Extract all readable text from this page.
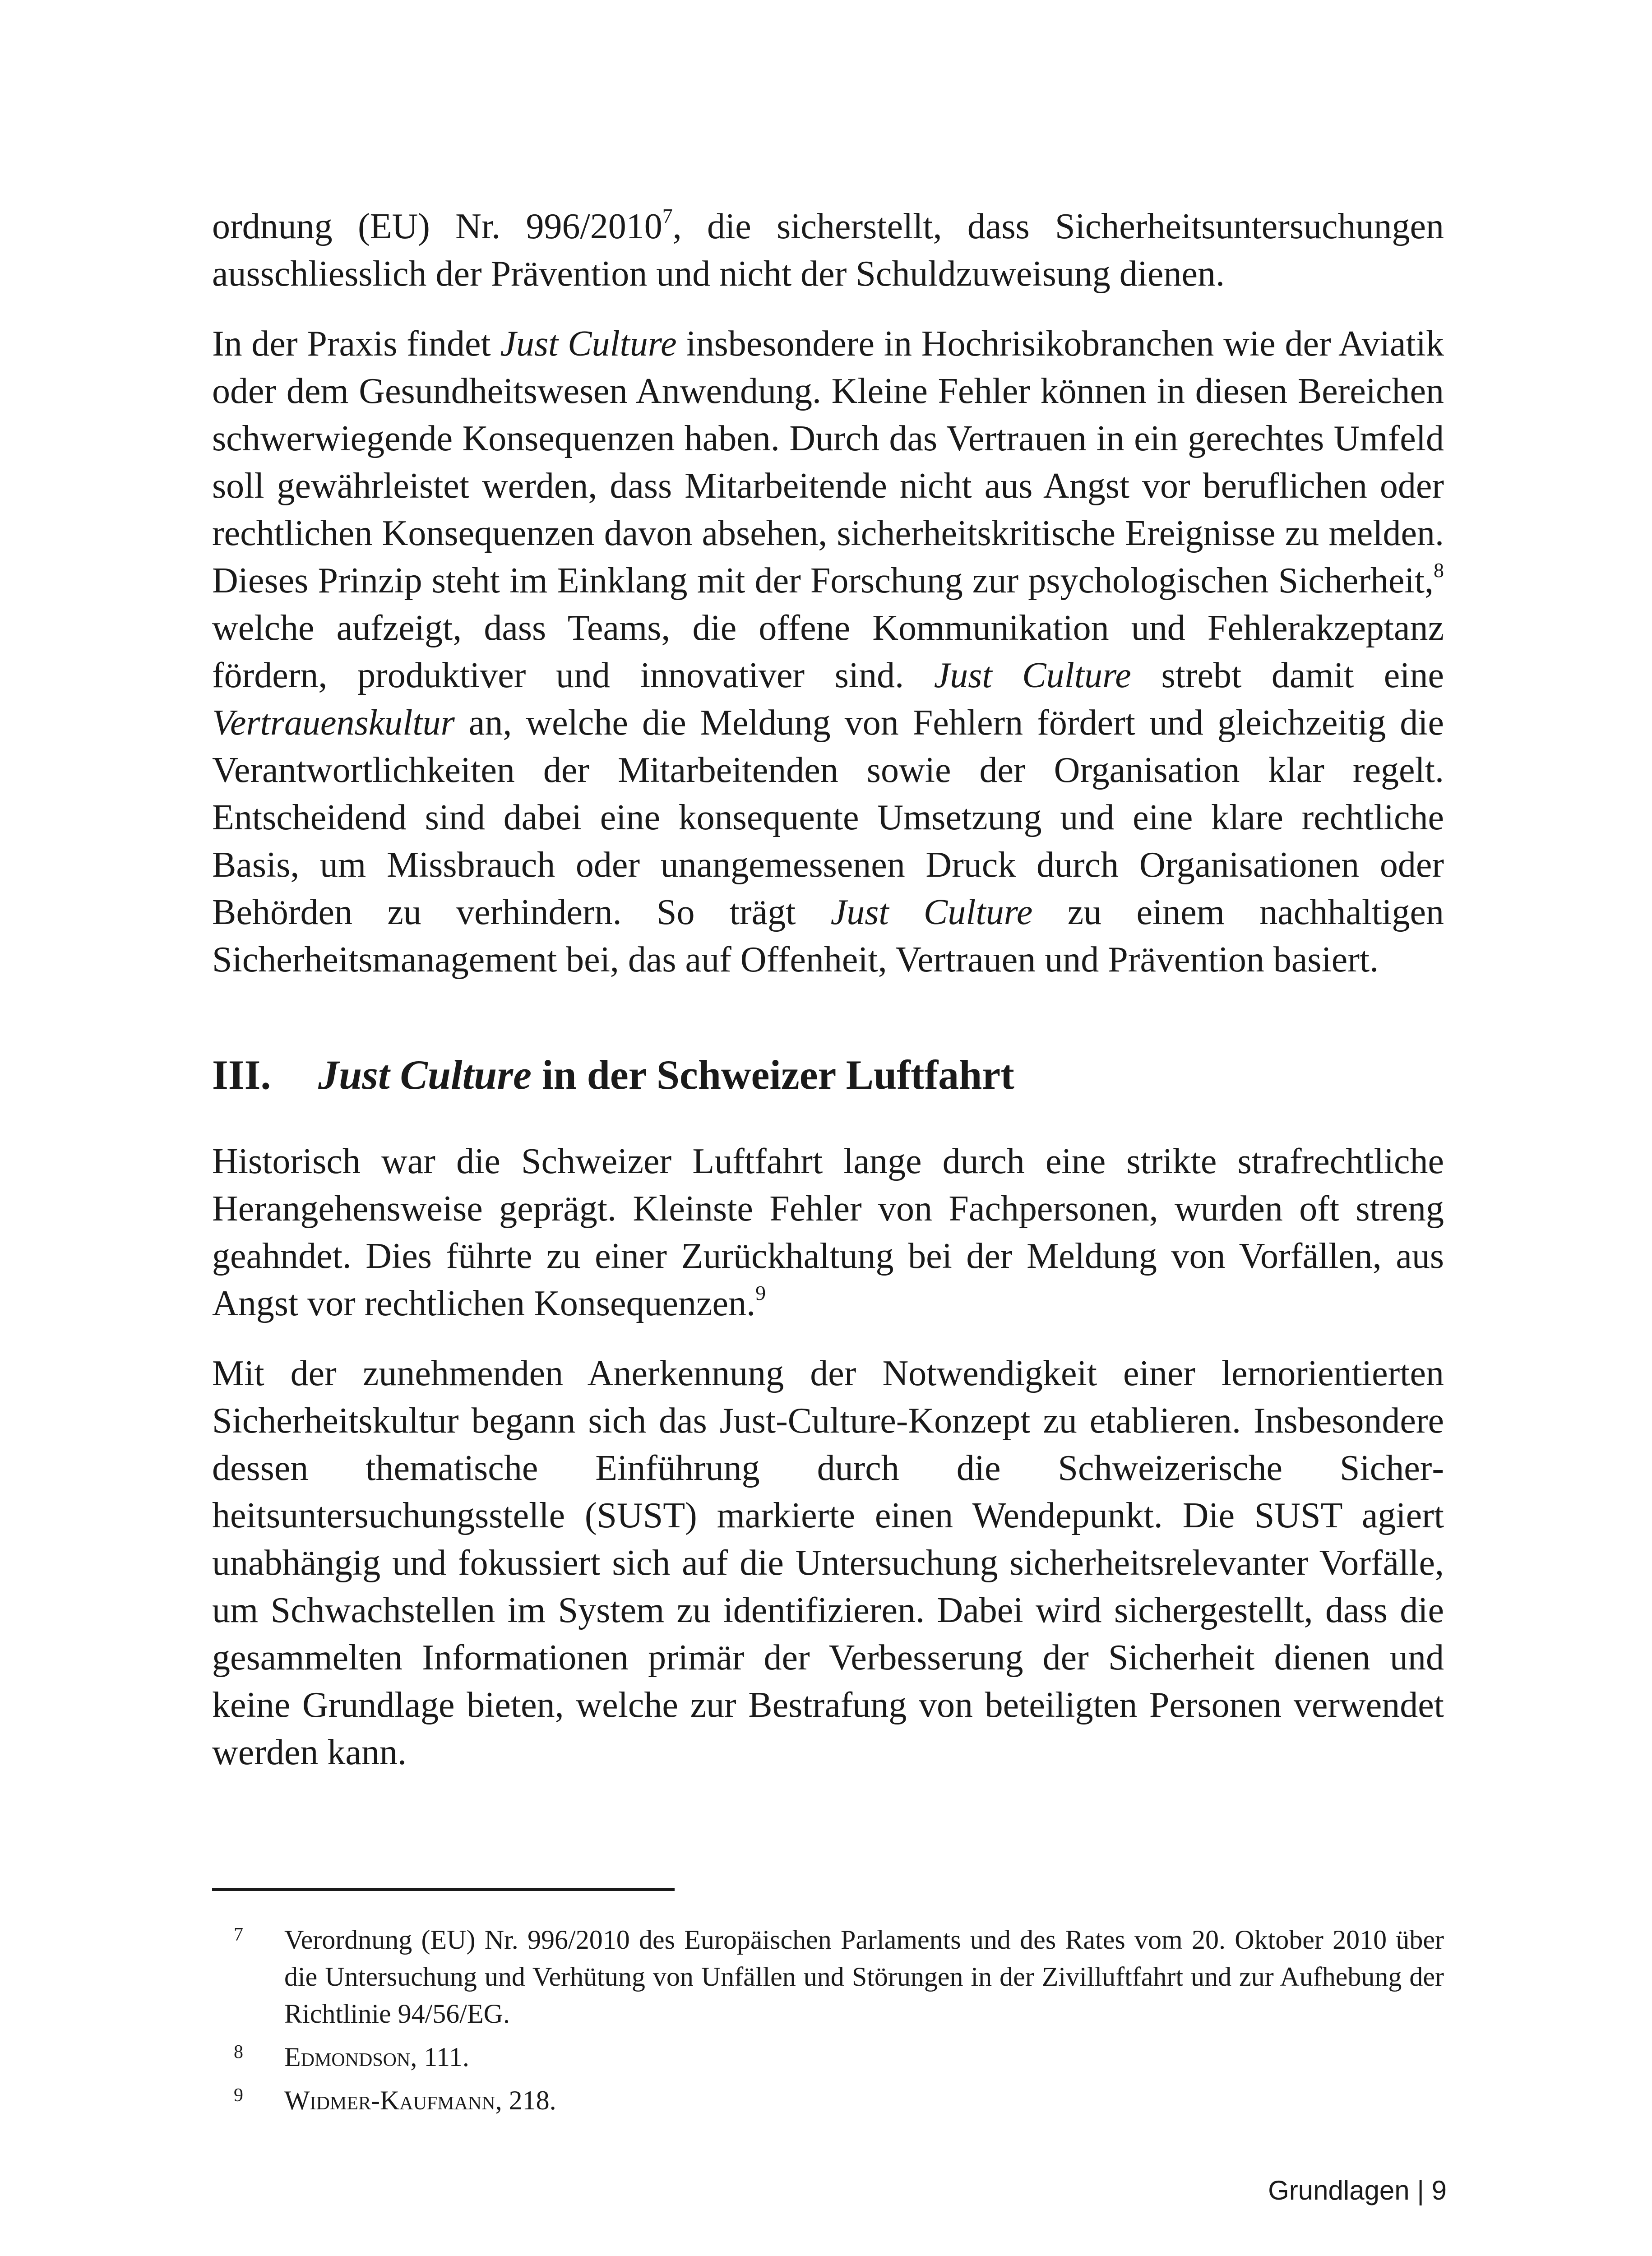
ordnung (EU) Nr. 996/2010$^7$, die sicherstellt, dass Sicherheitsuntersuchungen ausschliesslich der Prävention und nicht der Schuldzuweisung dienen.

In der Praxis findet Just Culture insbesondere in Hochrisikobranchen wie der Aviatik oder dem Gesundheitswesen Anwendung. Kleine Fehler können in diesen Bereichen schwerwiegende Konsequenzen haben. Durch das Vertrauen in ein gerechtes Umfeld soll gewährleistet werden, dass Mitarbeitende nicht aus Angst vor beruflichen oder rechtlichen Konsequenzen davon absehen, sicherheitskritische Ereignisse zu melden. Dieses Prinzip steht im Einklang mit der Forschung zur psychologischen Sicherheit,$^8$ welche aufzeigt, dass Teams, die offene Kommunikation und Fehlerakzeptanz fördern, produktiver und innovativer sind. Just Culture strebt damit eine Vertrauenskultur an, welche die Meldung von Fehlern fördert und gleichzeitig die Verantwortlichkeiten der Mitarbeitenden sowie der Organisation klar regelt. Entscheidend sind dabei eine konsequente Umsetzung und eine klare rechtliche Basis, um Missbrauch oder unangemessenen Druck durch Organisationen oder Behörden zu verhindern. So trägt Just Culture zu einem nachhaltigen Sicherheitsmanagement bei, das auf Offenheit, Vertrauen und Prävention basiert.

III.	Just Culture in der Schweizer Luftfahrt

Historisch war die Schweizer Luftfahrt lange durch eine strikte strafrechtliche Herangehensweise geprägt. Kleinste Fehler von Fachpersonen, wurden oft streng geahndet. Dies führte zu einer Zurückhaltung bei der Meldung von Vorfällen, aus Angst vor rechtlichen Konsequenzen.$^9$

Mit der zunehmenden Anerkennung der Notwendigkeit einer lernorientierten Sicherheitskultur begann sich das Just-Culture-Konzept zu etablieren. Insbesondere dessen thematische Einführung durch die Schweizerische Sicherheitsuntersuchungsstelle (SUST) markierte einen Wendepunkt. Die SUST agiert unabhängig und fokussiert sich auf die Untersuchung sicherheitsrelevanter Vorfälle, um Schwachstellen im System zu identifizieren. Dabei wird sichergestellt, dass die gesammelten Informationen primär der Verbesserung der Sicherheit dienen und keine Grundlage bieten, welche zur Bestrafung von beteiligten Personen verwendet werden kann.

7	Verordnung (EU) Nr. 996/2010 des Europäischen Parlaments und des Rates vom 20. Oktober 2010 über die Untersuchung und Verhütung von Unfällen und Störungen in der Zivilluftfahrt und zur Aufhebung der Richtlinie 94/56/EG.
8	Edmondson, 111.
9	Widmer-Kaufmann, 218.
Grundlagen | 9
